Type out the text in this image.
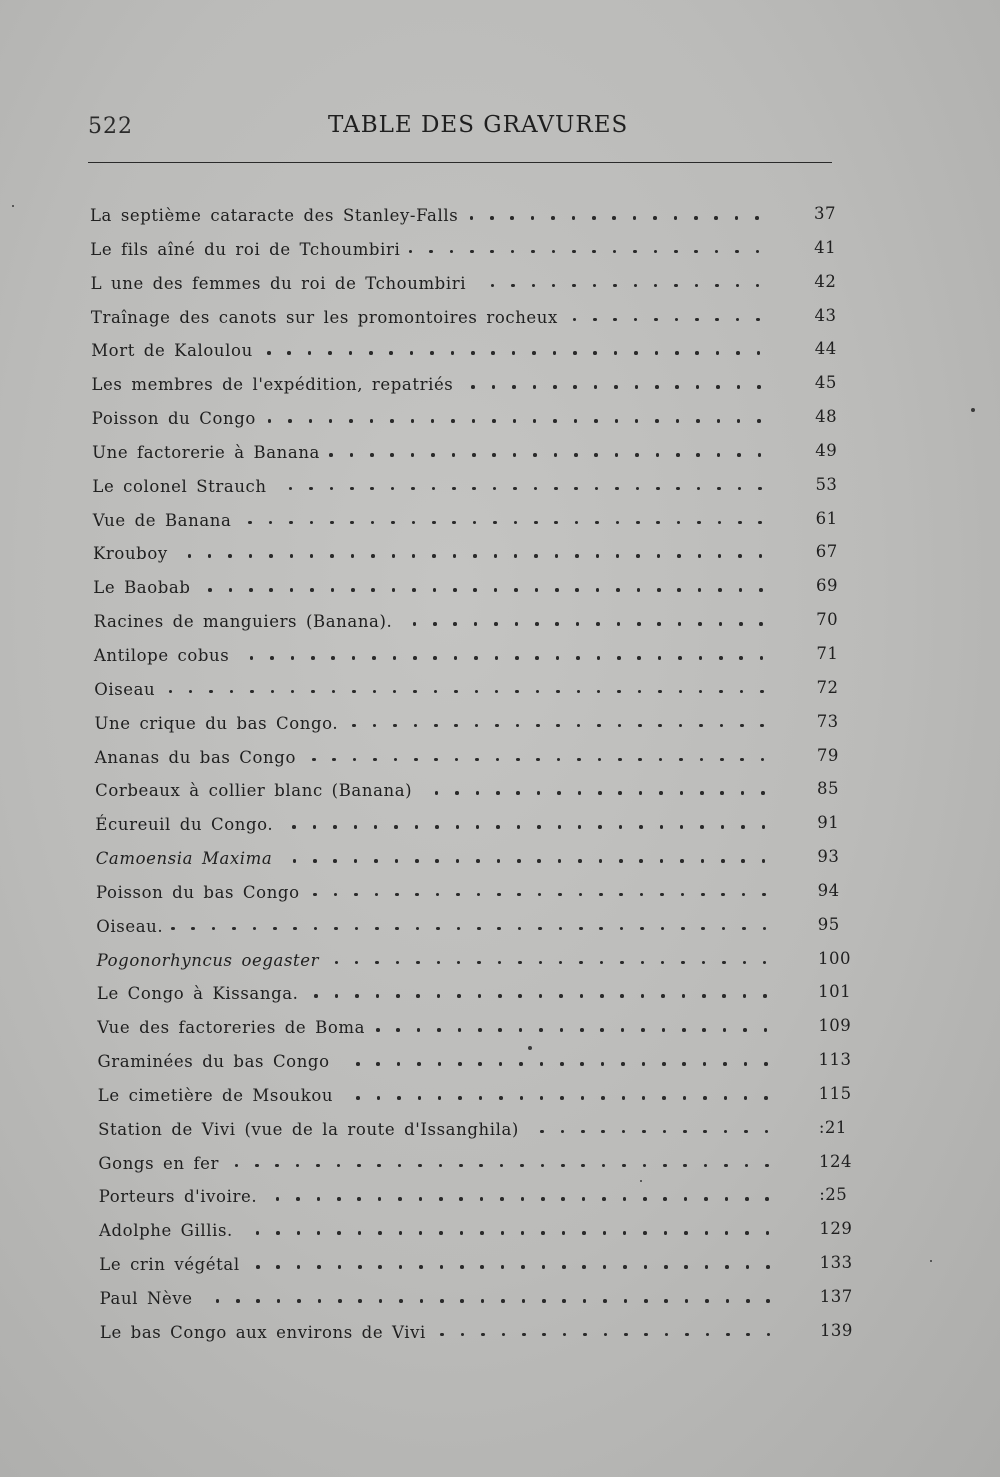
522	TABLE DES GRAVURES
La septième cataracte des Stanley-Falls	37
Le fils aîné du roi de Tchoumbiri	41
L une des femmes du roi de Tchoumbiri	42
Traînage des canots sur les promontoires rocheux	43
Mort de Kaloulou	44
Les membres de l'expédition, repatriés	45
Poisson du Congo	48
Une factorerie à Banana	49
Le colonel Strauch	53
Vue de Banana	61
Krouboy	67
Le Baobab	69
Racines de manguiers (Banana).	70
Antilope cobus	71
Oiseau	72
Une crique du bas Congo.	73
Ananas du bas Congo	79
Corbeaux à collier blanc (Banana)	85
Écureuil du Congo.	91
Camoensia Maxima	93
Poisson du bas Congo	94
Oiseau.	95
Pogonorhyncus oegaster	100
Le Congo à Kissanga.	101
Vue des factoreries de Boma	109
Graminées du bas Congo	113
Le cimetière de Msoukou	115
Station de Vivi (vue de la route d'Issanghila)	:21
Gongs en fer	124
Porteurs d'ivoire.	:25
Adolphe Gillis.	129
Le crin végétal	133
Paul Nève	137
Le bas Congo aux environs de Vivi	139
